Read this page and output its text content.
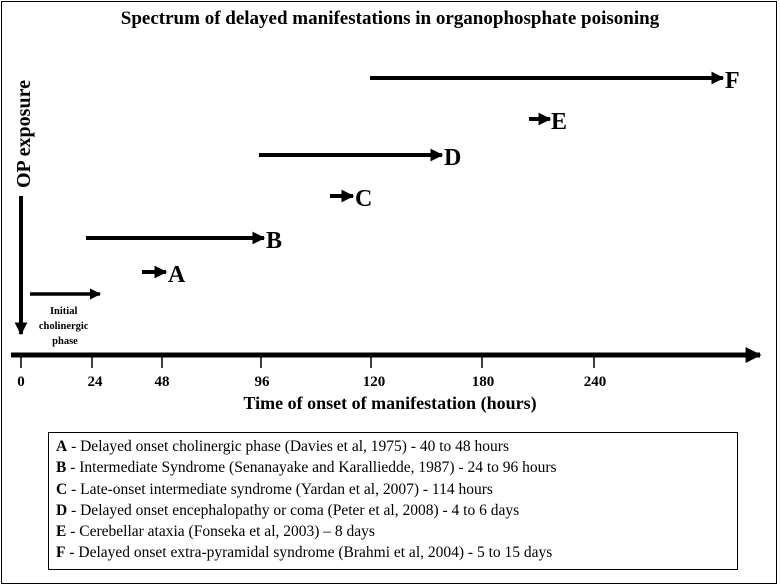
Spectrum of delayed manifestations in organophosphate poisoning
OP exposure
Initial cholinergic phase
A
B
C
D
E
F
0	24	48	96	120	180	240
Time of onset of manifestation (hours)
A - Delayed onset cholinergic phase (Davies et al, 1975) - 40 to 48 hours
B - Intermediate Syndrome (Senanayake and Karalliedde, 1987) - 24 to 96 hours
C - Late-onset intermediate syndrome (Yardan et al, 2007) - 114 hours
D - Delayed onset encephalopathy or coma (Peter et al, 2008) - 4 to 6 days
E - Cerebellar ataxia (Fonseka et al, 2003) – 8 days
F - Delayed onset extra-pyramidal syndrome (Brahmi et al, 2004) - 5 to 15 days
